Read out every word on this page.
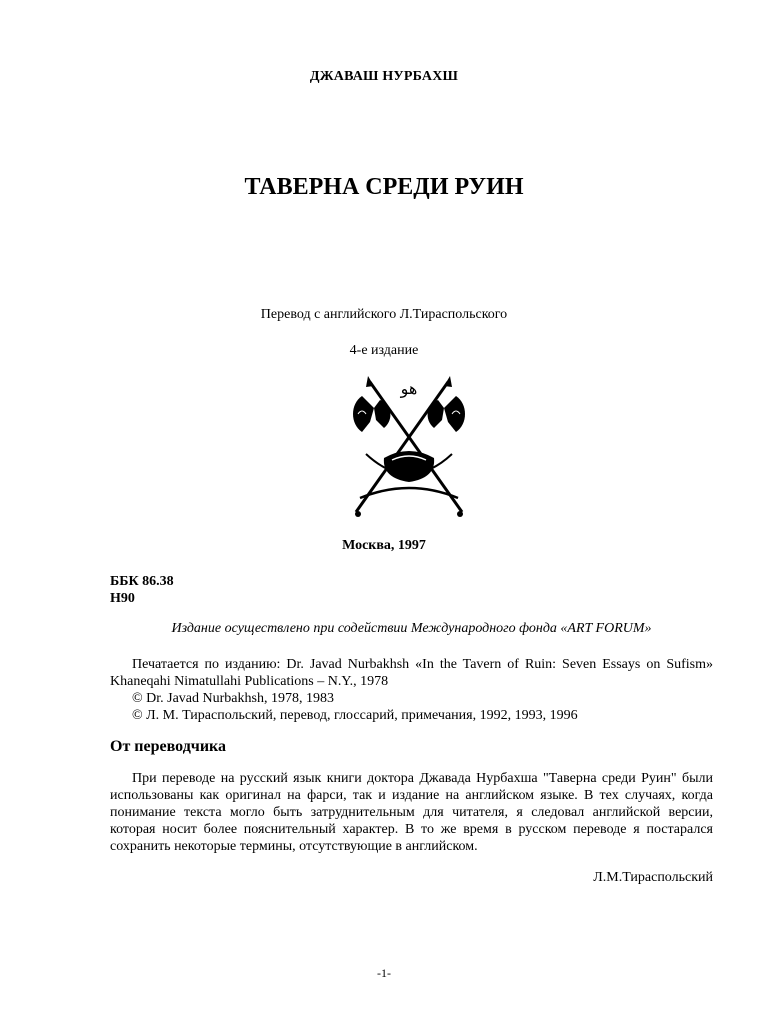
ДЖАВАШ НУРБАХШ
ТАВЕРНА СРЕДИ РУИН
Перевод с английского Л.Тираспольского
4-е издание
هو
Москва, 1997
ББК 86.38
Н90
Издание осуществлено при содействии Международного фонда «ART FORUM»

Печатается по изданию: Dr. Javad Nurbakhsh «In the Tavern of Ruin: Seven Essays on Sufism» Khaneqahi Nimatullahi Publications – N.Y., 1978

© Dr. Javad Nurbakhsh, 1978, 1983

© Л. М. Тираспольский, перевод, глоссарий, примечания, 1992, 1993, 1996

От переводчика
При переводе на русский язык книги доктора Джавада Нурбахша "Таверна среди Руин" были использованы как оригинал на фарси, так и издание на английском языке. В тех случаях, когда понимание текста могло быть затруднительным для читателя, я следовал английской версии, которая носит более пояснительный характер. В то же время в русском переводе я постарался сохранить некоторые термины, отсутствующие в английском.
Л.М.Тираспольский
-1-
